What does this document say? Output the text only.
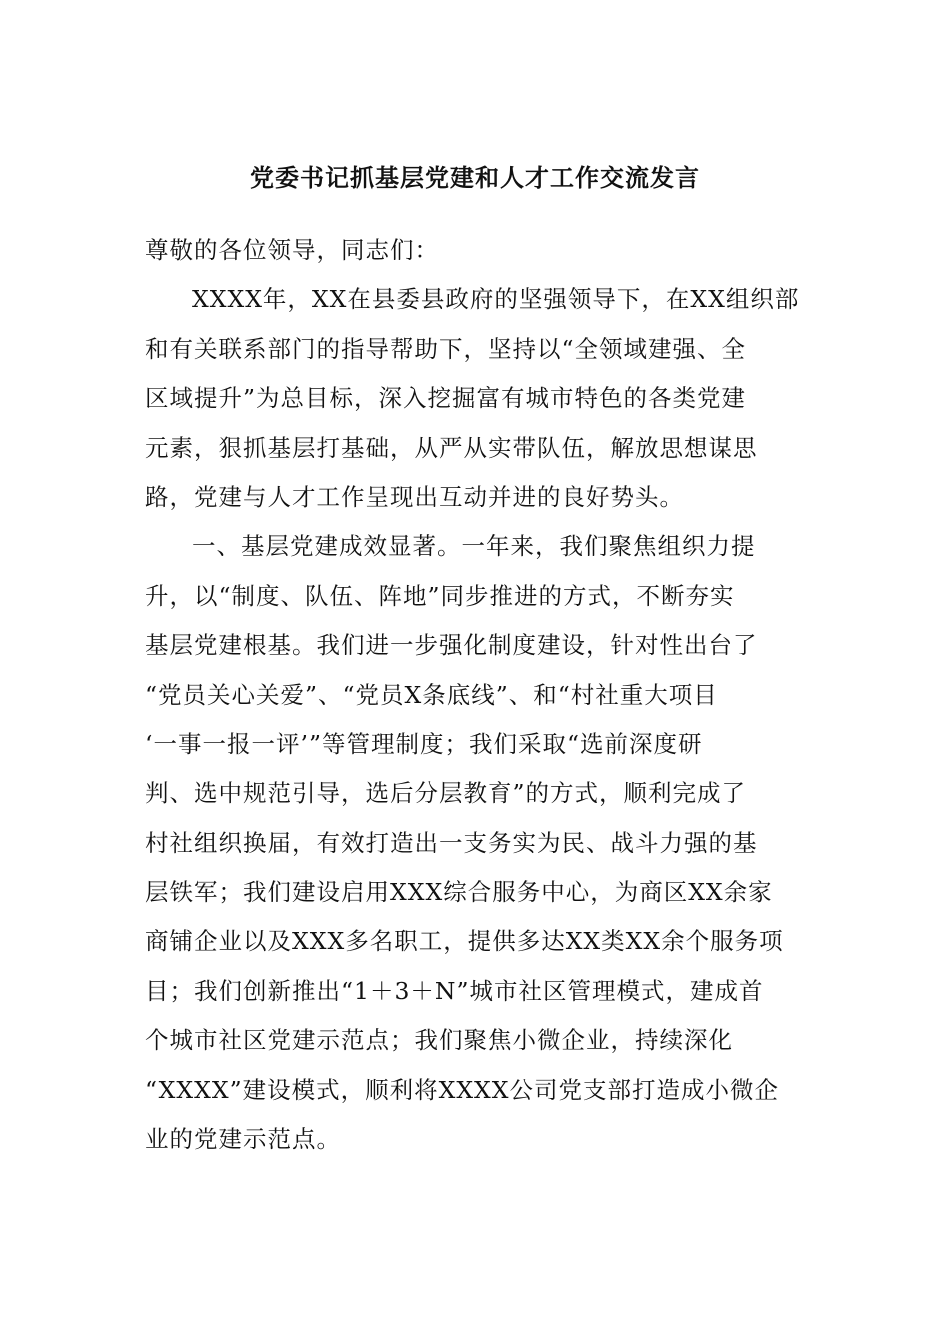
党委书记抓基层党建和人才工作交流发言
尊敬的各位领导，同志们：
XXXX年，XX在县委县政府的坚强领导下，在XX组织部
和有关联系部门的指导帮助下，坚持以“全领域建强、全
区域提升”为总目标，深入挖掘富有城市特色的各类党建
元素，狠抓基层打基础，从严从实带队伍，解放思想谋思
路，党建与人才工作呈现出互动并进的良好势头。
一、基层党建成效显著。一年来，我们聚焦组织力提
升，以“制度、队伍、阵地”同步推进的方式，不断夯实
基层党建根基。我们进一步强化制度建设，针对性出台了
“党员关心关爱”、“党员X条底线”、和“村社重大项目
‘一事一报一评’”等管理制度；我们采取“选前深度研
判、选中规范引导，选后分层教育”的方式，顺利完成了
村社组织换届，有效打造出一支务实为民、战斗力强的基
层铁军；我们建设启用XXX综合服务中心，为商区XX余家
商铺企业以及XXX多名职工，提供多达XX类XX余个服务项
目；我们创新推出“1＋3＋N”城市社区管理模式，建成首
个城市社区党建示范点；我们聚焦小微企业，持续深化
“XXXX”建设模式，顺利将XXXX公司党支部打造成小微企
业的党建示范点。
